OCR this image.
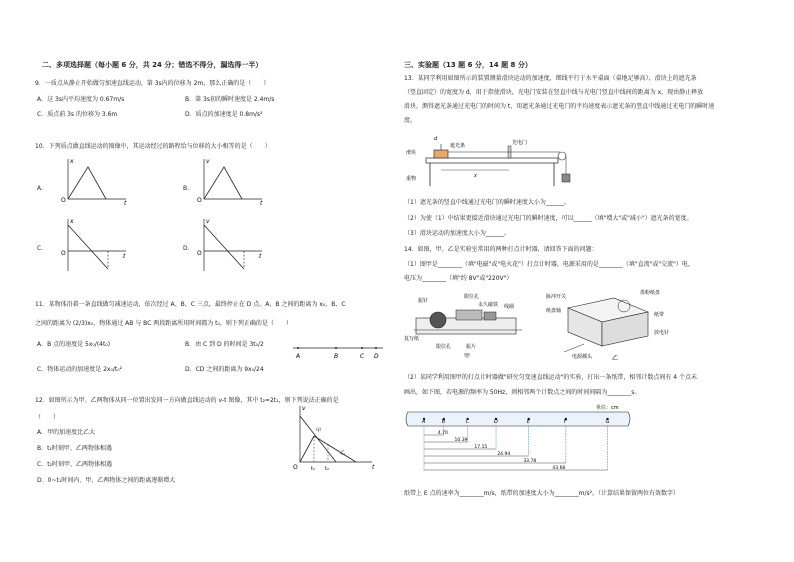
二、多项选择题（每小题 6 分，共 24 分；错选不得分，漏选得一半）
9．一质点从静止开始做匀加速直线运动，第 3s内的位移为 2m，那么正确的是（　　）
A．这 3s内平均速度为 0.67m/s	B．第 3s初的瞬时速度是 2.4m/s
C．质点前 3s 的位移为 3.6m	D．质点的加速度是 0.8m/s²
10．下列质点做直线运动的图像中，其运动经过的路程恰与位移的大小相等的是（　　）
A．	B．
C．	D．
O
x
t	O
v
t
O
x
t	O
v
t
11．某物体沿着一条直线做匀减速运动，依次经过 A、B、C 三点，最终停止在 D 点。A、B 之间的距离为 x₀，B、C
之间的距离为 (2/3)x₀，物体通过 AB 与 BC 两段距离所用时间都为 t₀，则下列正确的是（　　）
A．B 点的速度是 5x₀/(4t₀)	B．由 C 到 D 的时间是 3t₀/2
C．物体运动的加速度是 2x₀/t₀²	D．CD 之间的距离为 9x₀/24
A	B	C D
12．如图所示为甲、乙两物体从同一位置出发同一方向做直线运动的 v-t 图像，其中 t₂=2t₁，则下列说法正确的是
（　　）
A．甲的加速度比乙大
B．t₁时刻甲、乙两物体相遇
C．t₂时刻甲、乙两物体相遇
D．0~t₁时间内，甲、乙两物体之间的距离逐渐增大
O
v
t
t₁ t₂
甲
乙
三、实验题（13 题 6 分，14 题 8 分）
13．某同学利用如图所示的装置测量滑块运动的加速度，细线平行于水平桌面（桌地足够高），滑块上的遮光条
（竖直固定）的宽度为 d，用于指使滑块，光电门安装在竖直中线与光电门竖直中线间的距离为 x，现由静止释放
滑块，测得遮光条通过光电门的时间为 t，用遮光条通过光电门的平均速度表示遮光条的竖直中线通过光电门的瞬时速
度。
d
遮光条	光电门
滑块
重物	x
（1）遮光条的竖直中线通过光电门的瞬时速度大小为______。
（2）为使（1）中结果更接近滑块通过光电门的瞬时速度，可以______（填"增大"或"减小"）遮光条的宽度。
（3）滑块运动的加速度大小为______。
14．如图，甲、乙是实验室常用的两种打点计时器，请回答下面的问题：
（1）图甲是________（填"电磁"或"电火花"）打点计时器，电源采用的是________（填"直流"或"交流"）电，
电压为________（填"约 8V"或"220V"）
振针
限位孔
永久磁铁 线圈
复写纸
限位孔	振片
甲
脉冲开关
墨粉纸盘
纸盘轴
纸带
放电针
电源插头	乙
（2）某同学利用图甲的打点计时器做"研究匀变速直线运动"的实验，打出一条纸带，相邻计数点间有 4 个点未
画出，如下图，若电源的频率为 50Hz，则相邻两个计数点之间的时间间隔为________s。
单位：cm
A	B
4.70
C
10.39
D
17.15
E
24.94
F
33.78
G
43.68
纸带上 E 点的速率为________m/s，纸带的加速度大小为________m/s²。（计算结果保留两位有效数字）
